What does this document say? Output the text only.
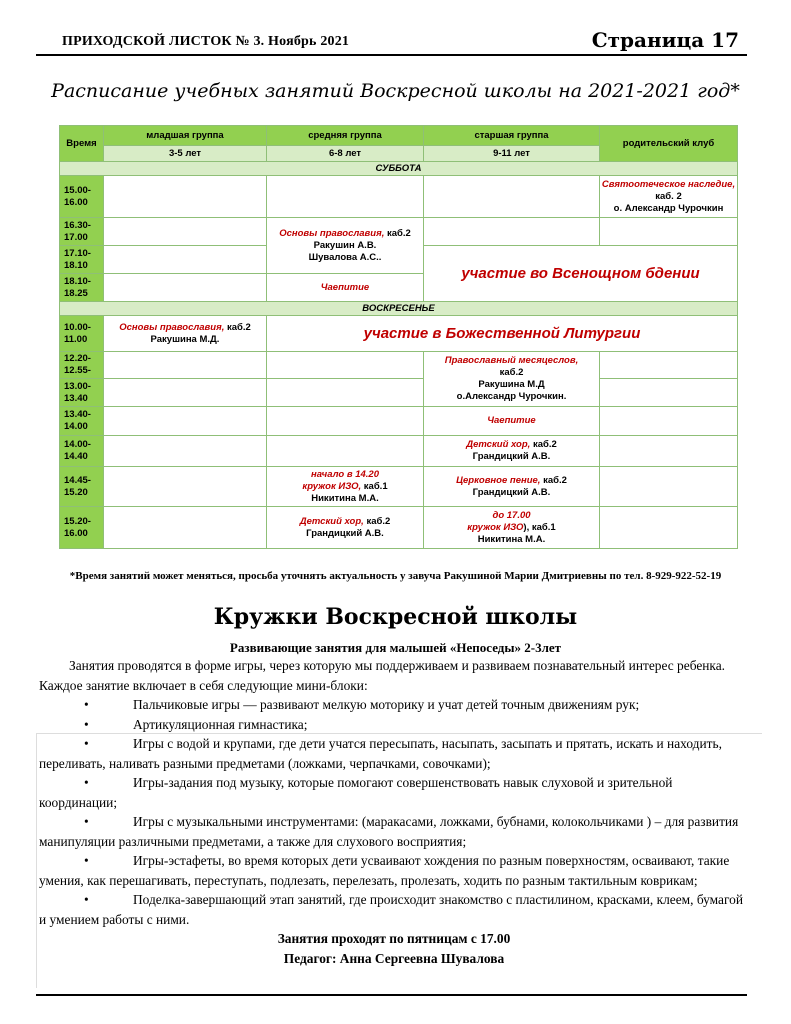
ПРИХОДСКОЙ ЛИСТОК № 3. Ноябрь 2021	Страница 17
Расписание учебных занятий Воскресной школы на 2021-2021 год*
Время	младшая группа	средняя группа	старшая группа	родительский клуб
	3-5 лет	6-8 лет	9-11 лет	
СУББОТА				
15.00-
16.00				Святоотеческое наследие, каб. 2
о. Александр Чурочкин
16.30-
17.00		Основы православия, каб.2
Ракушин А.В.
Шувалова А.С..		
17.10-
18.10			участие во Всенощном бдении	
18.10-
18.25		Чаепитие		
ВОСКРЕСЕНЬЕ				
10.00-
11.00	Основы православия, каб.2
Ракушина М.Д.	участие в Божественной Литургии		
12.20-
12.55-			Православный месяцеслов,
каб.2
Ракушина М.Д
о.Александр Чурочкин.	
13.00-
13.40				
13.40-
14.00			Чаепитие	
14.00-
14.40			Детский хор, каб.2
Грандицкий А.В.	
14.45-
15.20		начало в 14.20
кружок ИЗО, каб.1
Никитина М.А.	Церковное пение, каб.2
Грандицкий А.В.	
15.20-
16.00		Детский хор, каб.2
Грандицкий А.В.	до 17.00
кружок ИЗО), каб.1
Никитина М.А.	
*Время занятий может меняться, просьба уточнять актуальность у завуча Ракушиной Марии Дмитриевны по тел. 8-929-922-52-19
Кружки Воскресной школы
Развивающие занятия для малышей «Непоседы» 2-3лет

Занятия проводятся в форме игры, через которую мы поддерживаем и развиваем познавательный интерес ребенка. Каждое занятие включает в себя следующие мини-блоки:

•	Пальчиковые игры — развивают мелкую моторику и учат детей точным движениям рук;

•	Артикуляционная гимнастика;

•	Игры с водой и крупами, где дети учатся пересыпать, насыпать, засыпать и прятать, искать и находить, переливать, наливать разными предметами (ложками, черпачками, совочками);

•	Игры-задания под музыку, которые помогают совершенствовать навык слуховой и зрительной координации;

•	Игры с музыкальными инструментами: (маракасами, ложками, бубнами, колокольчиками ) – для развития манипуляции различными предметами, а также для слухового восприятия;

•	Игры-эстафеты, во время которых дети усваивают хождения по разным поверхностям, осваивают, такие умения, как перешагивать, переступать, подлезать, перелезать, пролезать, ходить по разным тактильным коврикам;

•	Поделка-завершающий этап занятий, где происходит знакомство с пластилином, красками, клеем, бумагой и умением работы с ними.

Занятия проходят по пятницам с 17.00

Педагог: Анна Сергеевна Шувалова
